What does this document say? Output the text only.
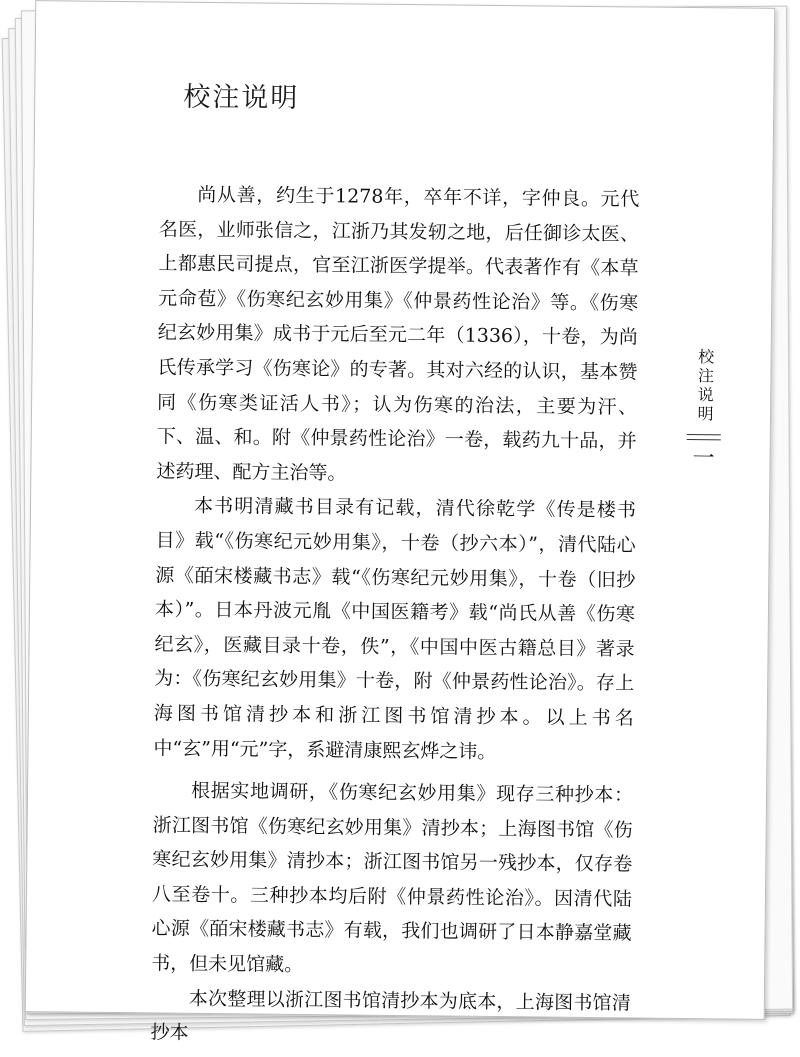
校注说明

尚从善，约生于1278年，卒年不详，字仲良。元代名医，业师张信之，江浙乃其发轫之地，后任御诊太医、上都惠民司提点，官至江浙医学提举。代表著作有《本草元命苞》《伤寒纪玄妙用集》《仲景药性论治》等。《伤寒纪玄妙用集》成书于元后至元二年（1336），十卷，为尚氏传承学习《伤寒论》的专著。其对六经的认识，基本赞同《伤寒类证活人书》；认为伤寒的治法，主要为汗、下、温、和。附《仲景药性论治》一卷，载药九十品，并述药理、配方主治等。

本书明清藏书目录有记载，清代徐乾学《传是楼书目》载“《伤寒纪元妙用集》，十卷（抄六本）”，清代陆心源《皕宋楼藏书志》载“《伤寒纪元妙用集》，十卷（旧抄本）”。日本丹波元胤《中国医籍考》载“尚氏从善《伤寒纪玄》，医藏目录十卷，佚”，《中国中医古籍总目》著录为：《伤寒纪玄妙用集》十卷，附《仲景药性论治》。存上海图书馆清抄本和浙江图书馆清抄本。以上书名中“玄”用“元”字，系避清康熙玄烨之讳。

根据实地调研，《伤寒纪玄妙用集》现存三种抄本：浙江图书馆《伤寒纪玄妙用集》清抄本；上海图书馆《伤寒纪玄妙用集》清抄本；浙江图书馆另一残抄本，仅存卷八至卷十。三种抄本均后附《仲景药性论治》。因清代陆心源《皕宋楼藏书志》有载，我们也调研了日本静嘉堂藏书，但未见馆藏。

本次整理以浙江图书馆清抄本为底本，上海图书馆清抄本

校注说明
一
